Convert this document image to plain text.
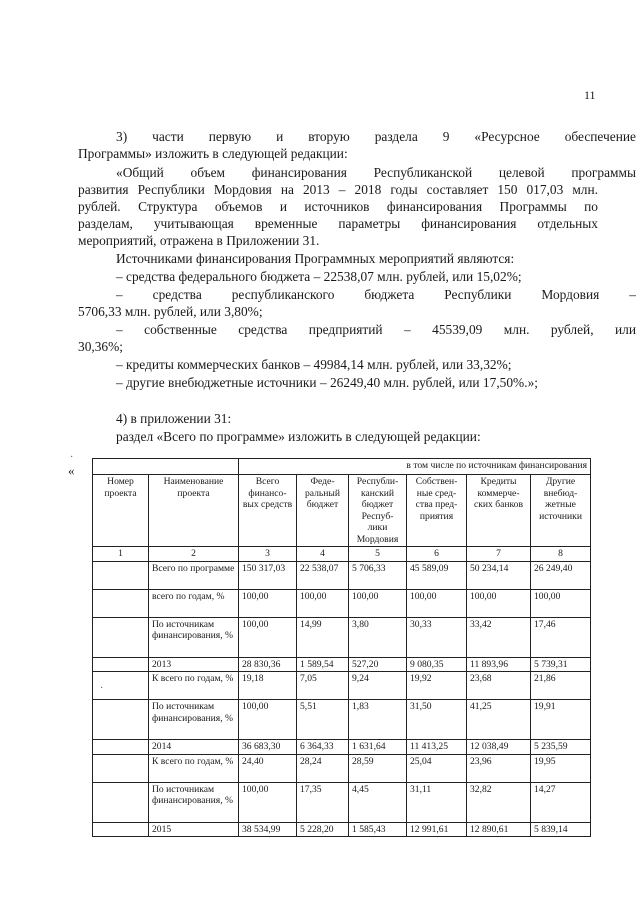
11
3) части первую и вторую раздела 9 «Ресурсное обеспечение
Программы» изложить в следующей редакции:
«Общий объем финансирования Республиканской целевой программы
развития Республики Мордовия на 2013 – 2018 годы составляет 150 017,03 млн.
рублей. Структура объемов и источников финансирования Программы по
разделам, учитывающая временные параметры финансирования отдельных
мероприятий, отражена в Приложении 31.
Источниками финансирования Программных мероприятий являются:
– средства федерального бюджета – 22538,07 млн. рублей, или 15,02%;
– средства республиканского бюджета Республики Мордовия –
5706,33 млн. рублей, или 3,80%;
– собственные средства предприятий – 45539,09 млн. рублей, или
30,36%;
– кредиты коммерческих банков – 49984,14 млн. рублей, или 33,32%;
– другие внебюджетные источники – 26249,40 млн. рублей, или 17,50%.»;
4) в приложении 31:
раздел «Всего по программе» изложить в следующей редакции:
«
		в том числе по источникам финансирования					
Номер проекта	Наименование проекта	Всего финансо-вых средств	Феде-ральный бюджет	Республи-канский бюджет Респуб-лики Мордовия	Собствен-ные сред-ства пред-приятия	Кредиты коммерче-ских банков	Другие внебюд-жетные источники
1	2	3	4	5	6	7	8
	Всего по программе	150 317,03	22 538,07	5 706,33	45 589,09	50 234,14	26 249,40
	всего по годам, %	100,00	100,00	100,00	100,00	100,00	100,00
	По источникам финансирования, %	100,00	14,99	3,80	30,33	33,42	17,46
	2013	28 830,36	1 589,54	527,20	9 080,35	11 893,96	5 739,31
	К всего по годам, %	19,18	7,05	9,24	19,92	23,68	21,86
	По источникам финансирования, %	100,00	5,51	1,83	31,50	41,25	19,91
	2014	36 683,30	6 364,33	1 631,64	11 413,25	12 038,49	5 235,59
	К всего по годам, %	24,40	28,24	28,59	25,04	23,96	19,95
	По источникам финансирования, %	100,00	17,35	4,45	31,11	32,82	14,27
	2015	38 534,99	5 228,20	1 585,43	12 991,61	12 890,61	5 839,14
·
·
